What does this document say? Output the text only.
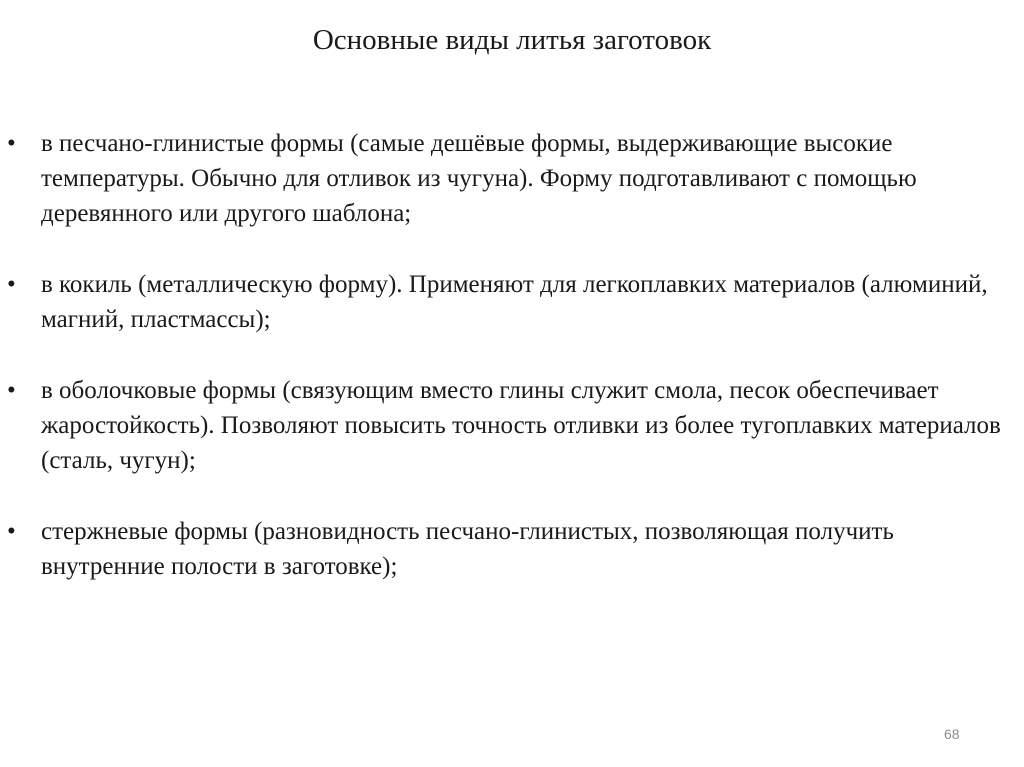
Основные виды литья заготовок
• в песчано-глинистые формы (самые дешёвые формы, выдерживающие высокие температуры. Обычно для отливок из чугуна). Форму подготавливают с помощью деревянного или другого шаблона;
• в кокиль (металлическую форму). Применяют для легкоплавких материалов (алюминий, магний, пластмассы);
• в оболочковые формы (связующим вместо глины служит смола, песок обеспечивает жаростойкость). Позволяют повысить точность отливки из более тугоплавких материалов (сталь, чугун);
• стержневые формы (разновидность песчано-глинистых, позволяющая получить внутренние полости в заготовке);
68
